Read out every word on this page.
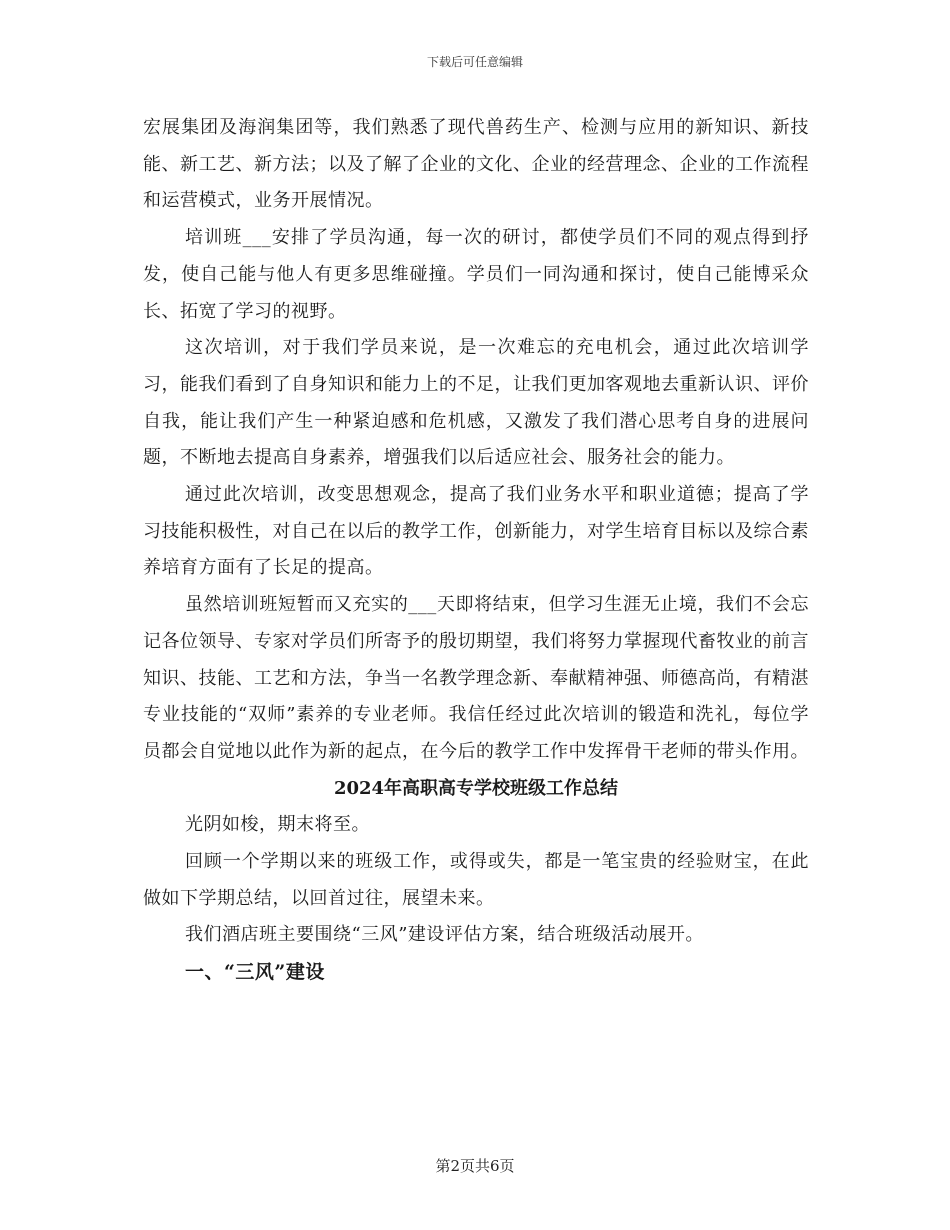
下载后可任意编辑

宏展集团及海润集团等，我们熟悉了现代兽药生产、检测与应用的新知识、新技能、新工艺、新方法；以及了解了企业的文化、企业的经营理念、企业的工作流程和运营模式，业务开展情况。

培训班___安排了学员沟通，每一次的研讨，都使学员们不同的观点得到抒发，使自己能与他人有更多思维碰撞。学员们一同沟通和探讨，使自己能博采众长、拓宽了学习的视野。

这次培训，对于我们学员来说，是一次难忘的充电机会，通过此次培训学习，能我们看到了自身知识和能力上的不足，让我们更加客观地去重新认识、评价自我，能让我们产生一种紧迫感和危机感，又激发了我们潜心思考自身的进展问题，不断地去提高自身素养，增强我们以后适应社会、服务社会的能力。

通过此次培训，改变思想观念，提高了我们业务水平和职业道德；提高了学习技能积极性，对自己在以后的教学工作，创新能力，对学生培育目标以及综合素养培育方面有了长足的提高。

虽然培训班短暂而又充实的___天即将结束，但学习生涯无止境，我们不会忘记各位领导、专家对学员们所寄予的殷切期望，我们将努力掌握现代畜牧业的前言知识、技能、工艺和方法，争当一名教学理念新、奉献精神强、师德高尚，有精湛专业技能的“双师”素养的专业老师。我信任经过此次培训的锻造和洗礼，每位学员都会自觉地以此作为新的起点，在今后的教学工作中发挥骨干老师的带头作用。

2024年高职高专学校班级工作总结

光阴如梭，期末将至。

回顾一个学期以来的班级工作，或得或失，都是一笔宝贵的经验财宝，在此做如下学期总结，以回首过往，展望未来。

我们酒店班主要围绕“三风”建设评估方案，结合班级活动展开。

一、“三风”建设

第2页共6页
